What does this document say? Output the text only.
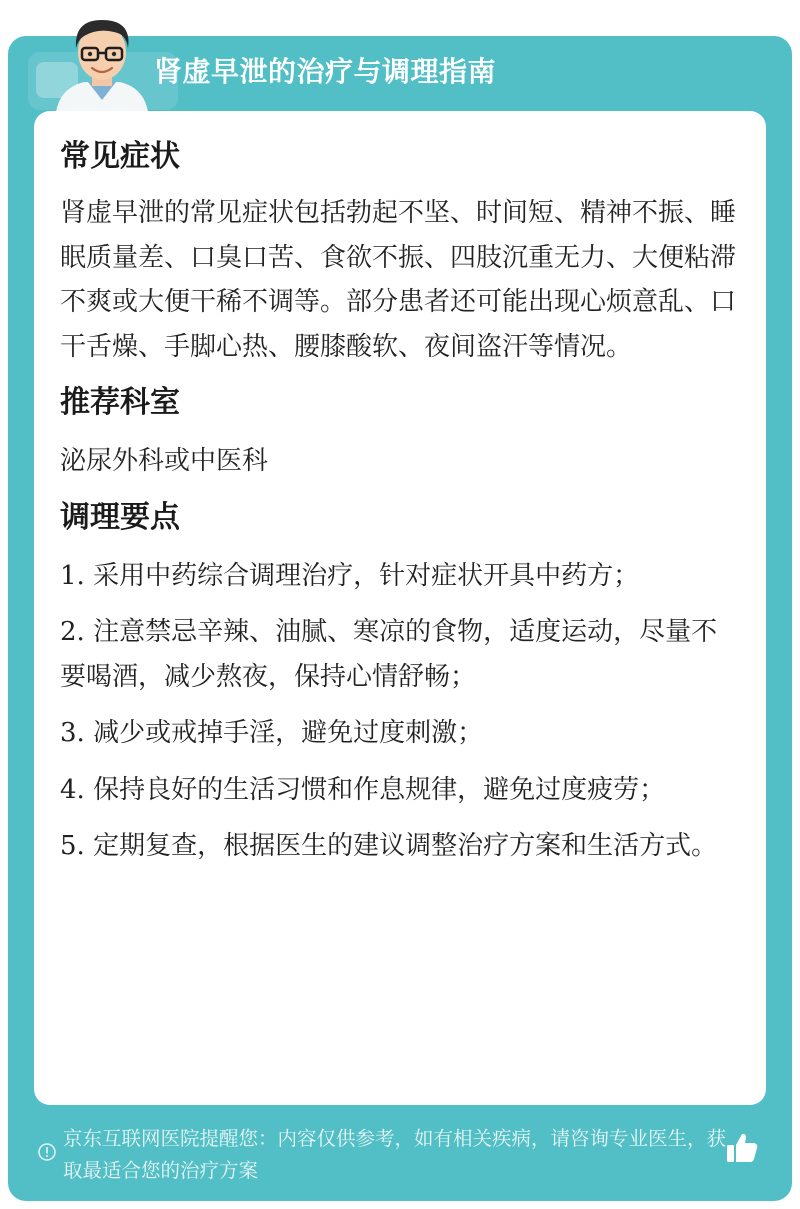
肾虚早泄的治疗与调理指南
常见症状
肾虚早泄的常见症状包括勃起不坚、时间短、精神不振、睡眠质量差、口臭口苦、食欲不振、四肢沉重无力、大便粘滞不爽或大便干稀不调等。部分患者还可能出现心烦意乱、口干舌燥、手脚心热、腰膝酸软、夜间盗汗等情况。
推荐科室
泌尿外科或中医科
调理要点
1. 采用中药综合调理治疗，针对症状开具中药方；
2. 注意禁忌辛辣、油腻、寒凉的食物，适度运动，尽量不要喝酒，减少熬夜，保持心情舒畅；
3. 减少或戒掉手淫，避免过度刺激；
4. 保持良好的生活习惯和作息规律，避免过度疲劳；
5. 定期复查，根据医生的建议调整治疗方案和生活方式。
京东互联网医院提醒您：内容仅供参考，如有相关疾病，请咨询专业医生，获取最适合您的治疗方案
